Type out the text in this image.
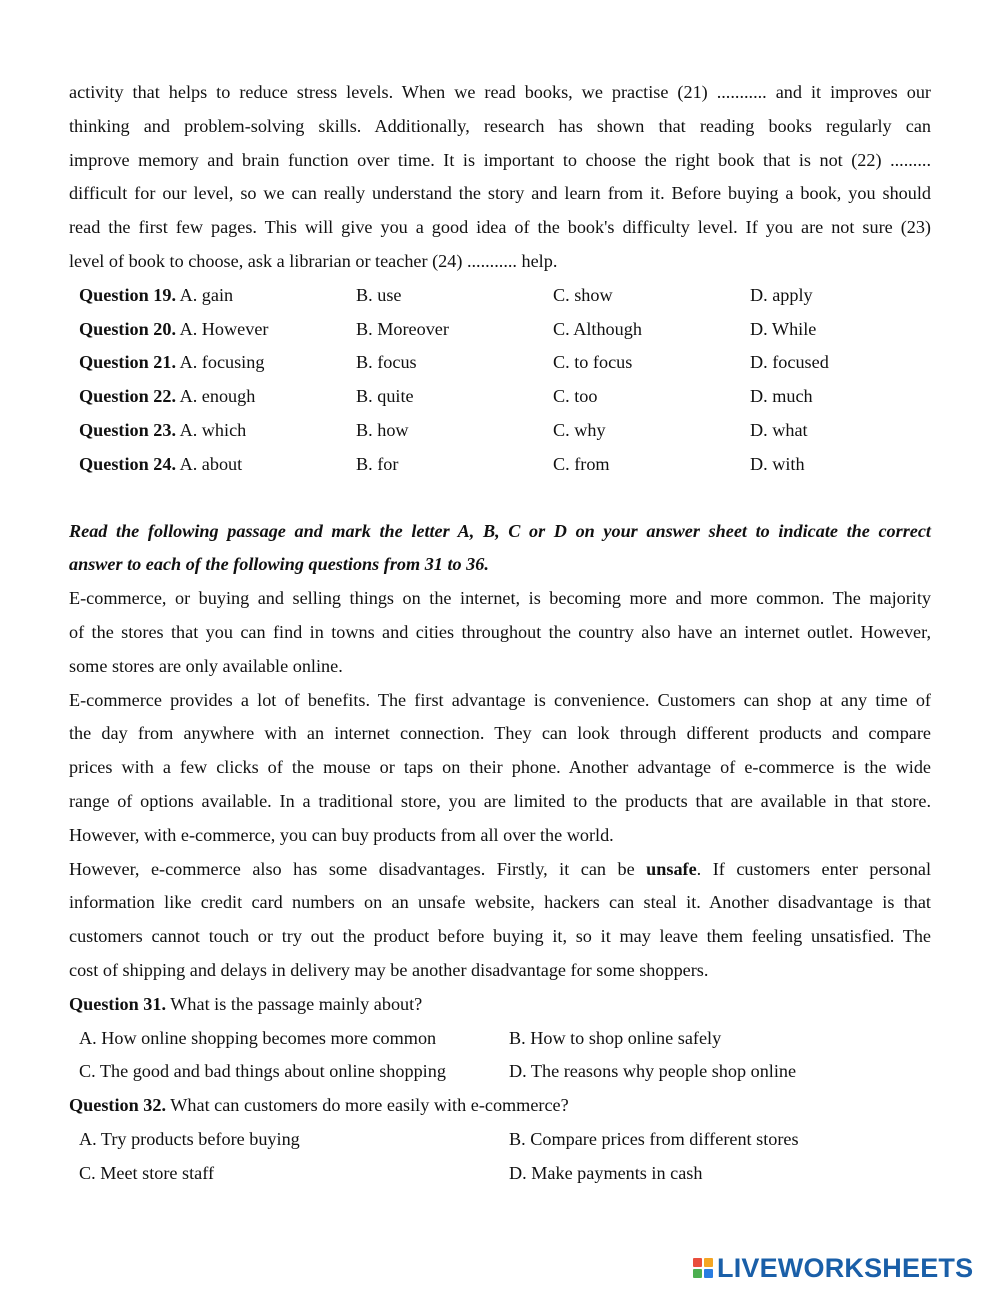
activity that helps to reduce stress levels. When we read books, we practise (21) ........... and it improves our
thinking and problem-solving skills. Additionally, research has shown that reading books regularly can
improve memory and brain function over time. It is important to choose the right book that is not (22) .........
difficult for our level, so we can really understand the story and learn from it. Before buying a book, you should
read the first few pages. This will give you a good idea of the book's difficulty level. If you are not sure (23)
level of book to choose, ask a librarian or teacher (24) ........... help.
Question 19. A. gain	B. use	C. show	D. apply
Question 20. A. However	B. Moreover	C. Although	D. While
Question 21. A. focusing	B. focus	C. to focus	D. focused
Question 22. A. enough	B. quite	C. too	D. much
Question 23. A. which	B. how	C. why	D. what
Question 24. A. about	B. for	C. from	D. with
Read the following passage and mark the letter A, B, C or D on your answer sheet to indicate the correct
answer to each of the following questions from 31 to 36.
E-commerce, or buying and selling things on the internet, is becoming more and more common. The majority
of the stores that you can find in towns and cities throughout the country also have an internet outlet. However,
some stores are only available online.
E-commerce provides a lot of benefits. The first advantage is convenience. Customers can shop at any time of
the day from anywhere with an internet connection. They can look through different products and compare
prices with a few clicks of the mouse or taps on their phone. Another advantage of e-commerce is the wide
range of options available. In a traditional store, you are limited to the products that are available in that store.
However, with e-commerce, you can buy products from all over the world.
However, e-commerce also has some disadvantages. Firstly, it can be unsafe. If customers enter personal
information like credit card numbers on an unsafe website, hackers can steal it. Another disadvantage is that
customers cannot touch or try out the product before buying it, so it may leave them feeling unsatisfied. The
cost of shipping and delays in delivery may be another disadvantage for some shoppers.
Question 31. What is the passage mainly about?
A. How online shopping becomes more common	B. How to shop online safely
C. The good and bad things about online shopping	D. The reasons why people shop online
Question 32. What can customers do more easily with e-commerce?
A. Try products before buying	B. Compare prices from different stores
C. Meet store staff	D. Make payments in cash
LIVEWORKSHEETS
